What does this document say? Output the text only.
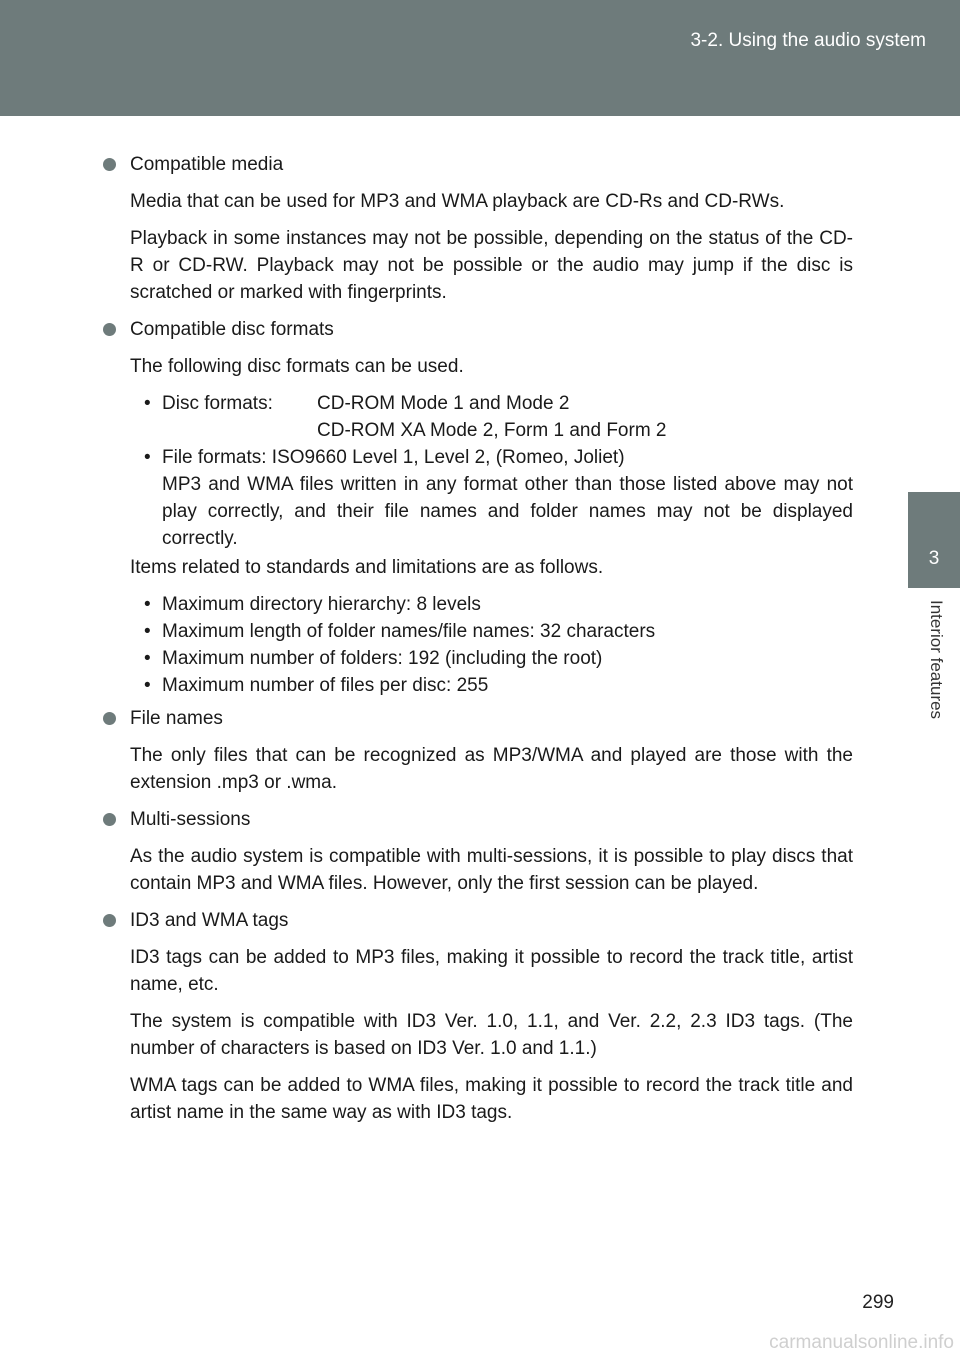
3-2. Using the audio system
3
Interior features
Compatible media
Media that can be used for MP3 and WMA playback are CD-Rs and CD-RWs.
Playback in some instances may not be possible, depending on the status of the CD-R or CD-RW. Playback may not be possible or the audio may jump if the disc is scratched or marked with fingerprints.
Compatible disc formats
The following disc formats can be used.
• Disc formats:	CD-ROM Mode 1 and Mode 2
CD-ROM XA Mode 2, Form 1 and Form 2
• File formats: ISO9660 Level 1, Level 2, (Romeo, Joliet)
MP3 and WMA files written in any format other than those listed above may not play correctly, and their file names and folder names may not be displayed correctly.
Items related to standards and limitations are as follows.
• Maximum directory hierarchy: 8 levels
• Maximum length of folder names/file names: 32 characters
• Maximum number of folders: 192 (including the root)
• Maximum number of files per disc: 255
File names
The only files that can be recognized as MP3/WMA and played are those with the extension .mp3 or .wma.
Multi-sessions
As the audio system is compatible with multi-sessions, it is possible to play discs that contain MP3 and WMA files. However, only the first session can be played.
ID3 and WMA tags
ID3 tags can be added to MP3 files, making it possible to record the track title, artist name, etc.
The system is compatible with ID3 Ver. 1.0, 1.1, and Ver. 2.2, 2.3 ID3 tags. (The number of characters is based on ID3 Ver. 1.0 and 1.1.)
WMA tags can be added to WMA files, making it possible to record the track title and artist name in the same way as with ID3 tags.
299
carmanualsonline.info
